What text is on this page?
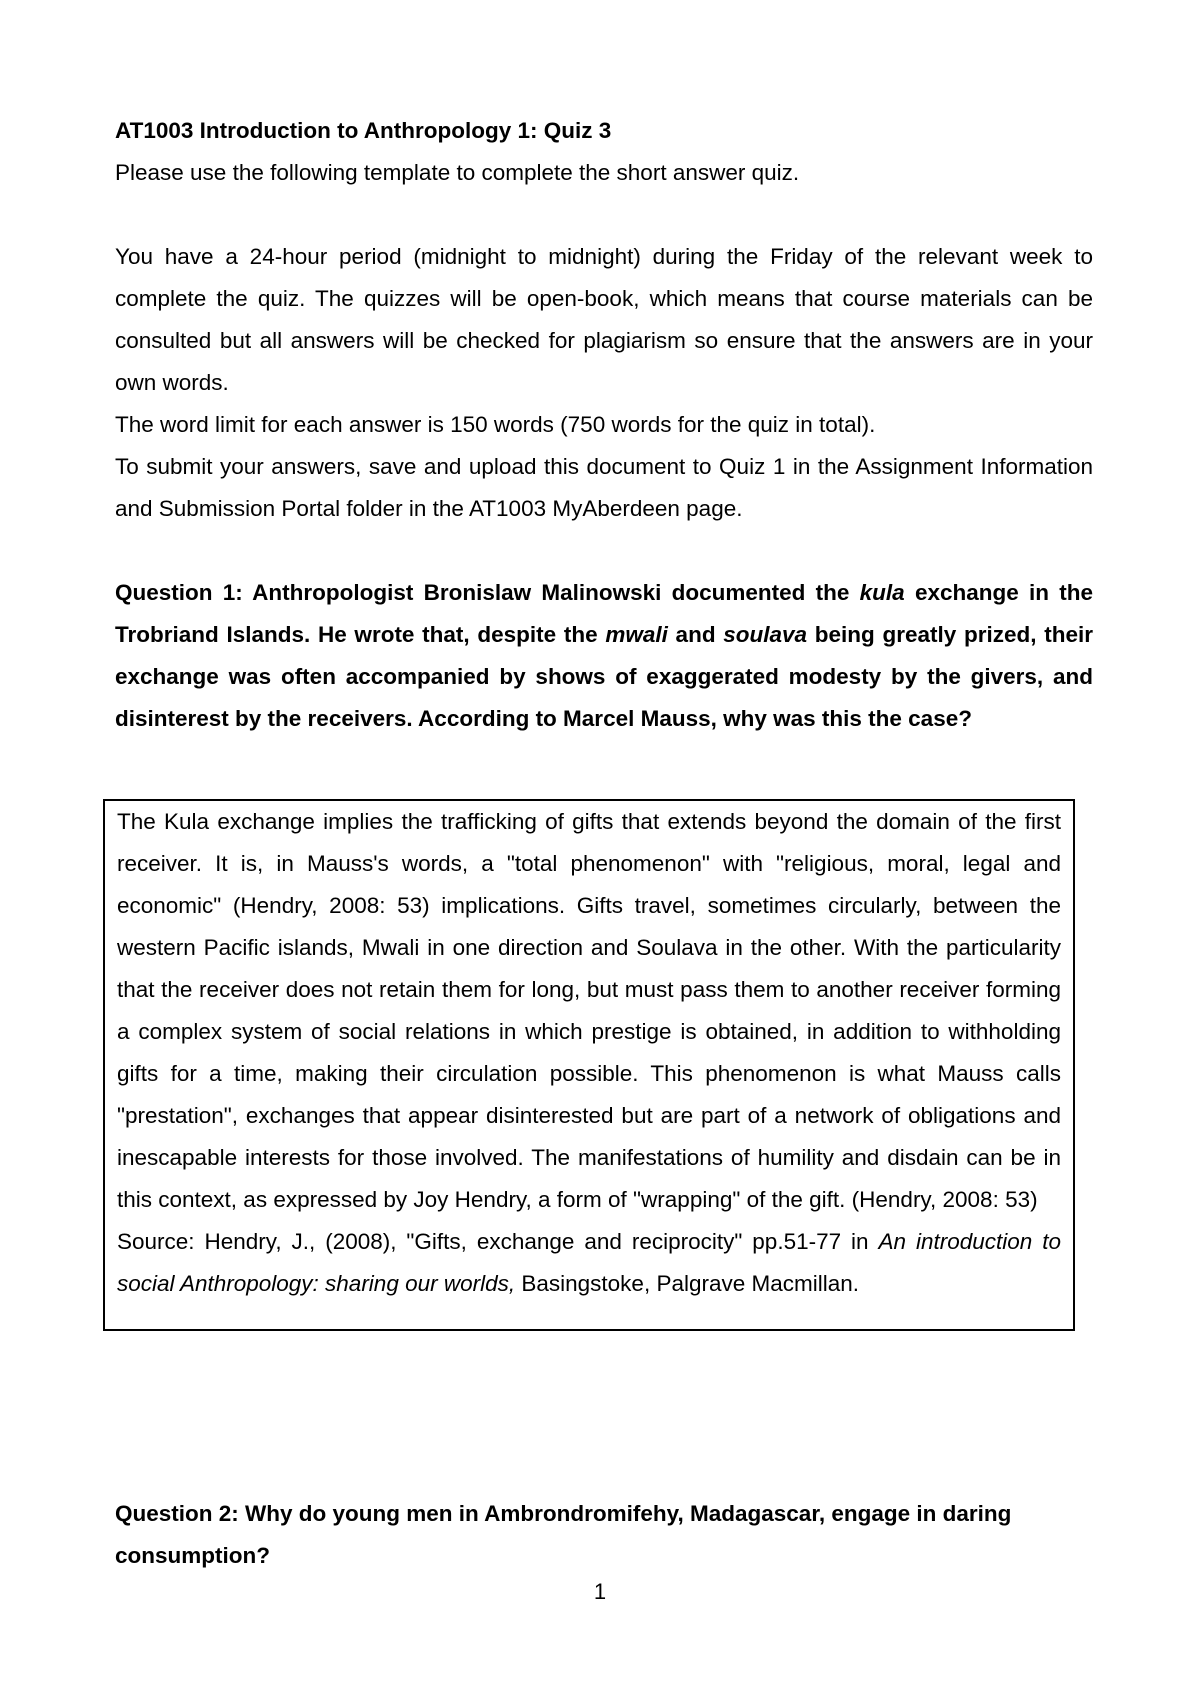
AT1003 Introduction to Anthropology 1: Quiz 3

Please use the following template to complete the short answer quiz.

You have a 24-hour period (midnight to midnight) during the Friday of the relevant week to complete the quiz. The quizzes will be open-book, which means that course materials can be consulted but all answers will be checked for plagiarism so ensure that the answers are in your own words.

The word limit for each answer is 150 words (750 words for the quiz in total).

To submit your answers, save and upload this document to Quiz 1 in the Assignment Information and Submission Portal folder in the AT1003 MyAberdeen page.

Question 1: Anthropologist Bronislaw Malinowski documented the kula exchange in the Trobriand Islands. He wrote that, despite the mwali and soulava being greatly prized, their exchange was often accompanied by shows of exaggerated modesty by the givers, and disinterest by the receivers. According to Marcel Mauss, why was this the case?

The Kula exchange implies the trafficking of gifts that extends beyond the domain of the first receiver. It is, in Mauss's words, a "total phenomenon" with "religious, moral, legal and economic" (Hendry, 2008: 53) implications. Gifts travel, sometimes circularly, between the western Pacific islands, Mwali in one direction and Soulava in the other. With the particularity that the receiver does not retain them for long, but must pass them to another receiver forming a complex system of social relations in which prestige is obtained, in addition to withholding gifts for a time, making their circulation possible. This phenomenon is what Mauss calls "prestation", exchanges that appear disinterested but are part of a network of obligations and inescapable interests for those involved. The manifestations of humility and disdain can be in this context, as expressed by Joy Hendry, a form of "wrapping" of the gift. (Hendry, 2008: 53)

Source: Hendry, J., (2008), "Gifts, exchange and reciprocity" pp.51-77 in An introduction to social Anthropology: sharing our worlds, Basingstoke, Palgrave Macmillan.

Question 2: Why do young men in Ambrondromifehy, Madagascar, engage in daring consumption?
1
